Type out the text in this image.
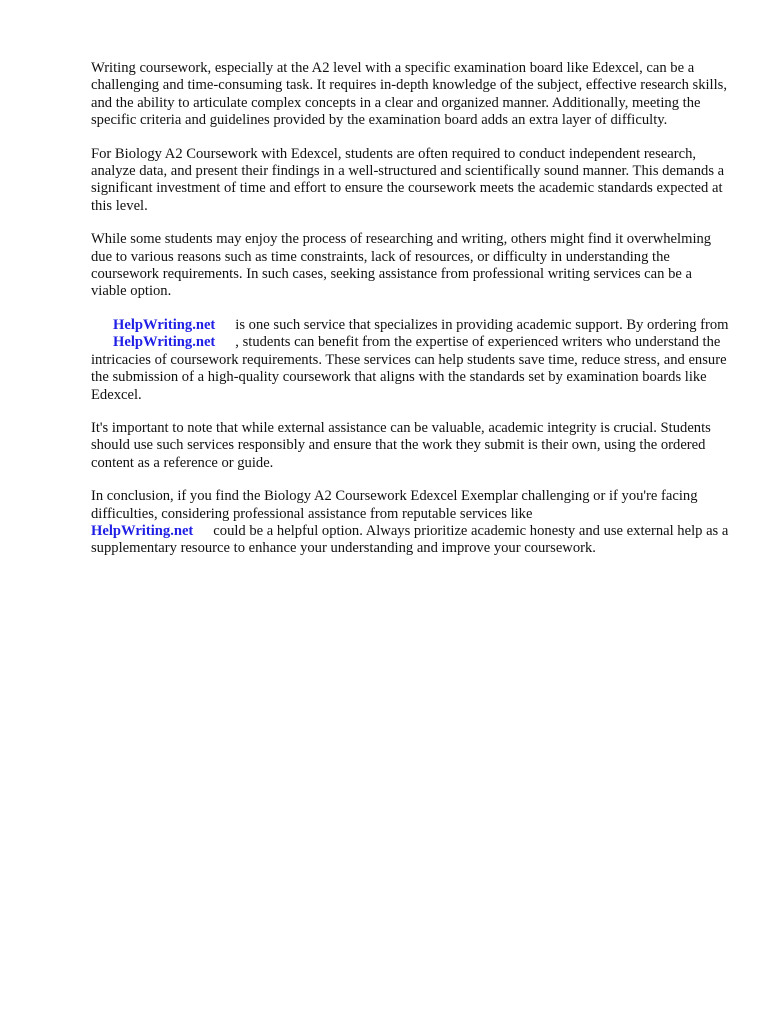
Writing coursework, especially at the A2 level with a specific examination board like Edexcel, can be a challenging and time-consuming task. It requires in-depth knowledge of the subject, effective research skills, and the ability to articulate complex concepts in a clear and organized manner. Additionally, meeting the specific criteria and guidelines provided by the examination board adds an extra layer of difficulty.

For Biology A2 Coursework with Edexcel, students are often required to conduct independent research, analyze data, and present their findings in a well-structured and scientifically sound manner. This demands a significant investment of time and effort to ensure the coursework meets the academic standards expected at this level.

While some students may enjoy the process of researching and writing, others might find it overwhelming due to various reasons such as time constraints, lack of resources, or difficulty in understanding the coursework requirements. In such cases, seeking assistance from professional writing services can be a viable option.

HelpWriting.net is one such service that specializes in providing academic support. By ordering fromHelpWriting.net , students can benefit from the expertise of experienced writers who understand the intricacies of coursework requirements. These services can help students save time, reduce stress, and ensure the submission of a high-quality coursework that aligns with the standards set by examination boards like Edexcel.

It's important to note that while external assistance can be valuable, academic integrity is crucial. Students should use such services responsibly and ensure that the work they submit is their own, using the ordered content as a reference or guide.

In conclusion, if you find the Biology A2 Coursework Edexcel Exemplar challenging or if you're facing difficulties, considering professional assistance from reputable services like
HelpWriting.net could be a helpful option. Always prioritize academic honesty and use external help as a supplementary resource to enhance your understanding and improve your coursework.
